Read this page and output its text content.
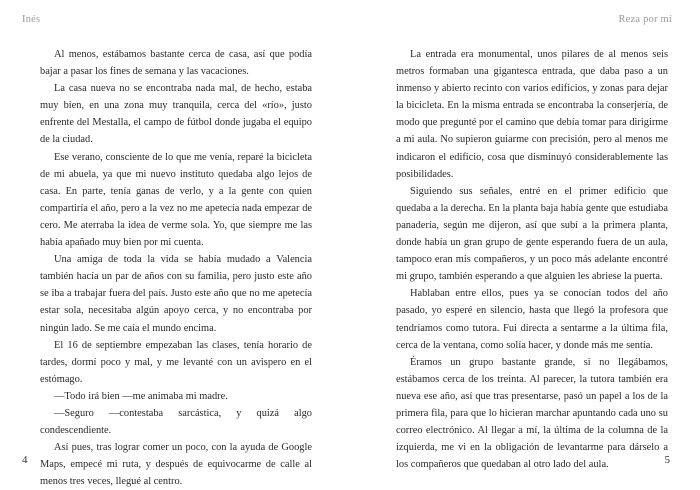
Inés

Al menos, estábamos bastante cerca de casa, así que podía bajar a pasar los fines de semana y las vacaciones.

La casa nueva no se encontraba nada mal, de hecho, estaba muy bien, en una zona muy tranquila, cerca del «río», justo enfrente del Mestalla, el campo de fútbol donde jugaba el equipo de la ciudad.

Ese verano, consciente de lo que me venía, reparé la bicicleta de mi abuela, ya que mi nuevo instituto quedaba algo lejos de casa. En parte, tenía ganas de verlo, y a la gente con quien compartiría el año, pero a la vez no me apetecía nada empezar de cero. Me aterraba la idea de verme sola. Yo, que siempre me las había apañado muy bien por mi cuenta.

Una amiga de toda la vida se había mudado a Valencia también hacía un par de años con su familia, pero justo este año se iba a trabajar fuera del país. Justo este año que no me apetecía estar sola, necesitaba algún apoyo cerca, y no encontraba por ningún lado. Se me caía el mundo encima.

El 16 de septiembre empezaban las clases, tenía horario de tardes, dormí poco y mal, y me levanté con un avispero en el estómago.

—Todo irá bien —me animaba mi madre.

—Seguro —contestaba sarcástica, y quizá algo condescendiente.

Así pues, tras lograr comer un poco, con la ayuda de Google Maps, empecé mi ruta, y después de equivocarme de calle al menos tres veces, llegué al centro.

4
Reza por mí

La entrada era monumental, unos pilares de al menos seis metros formaban una gigantesca entrada, que daba paso a un inmenso y abierto recinto con varios edificios, y zonas para dejar la bicicleta. En la misma entrada se encontraba la conserjería, de modo que pregunté por el camino que debía tomar para dirigirme a mi aula. No supieron guiarme con precisión, pero al menos me indicaron el edificio, cosa que disminuyó considerablemente las posibilidades.

Siguiendo sus señales, entré en el primer edificio que quedaba a la derecha. En la planta baja había gente que estudiaba panadería, según me dijeron, así que subí a la primera planta, donde había un gran grupo de gente esperando fuera de un aula, tampoco eran mis compañeros, y un poco más adelante encontré mi grupo, también esperando a que alguien les abriese la puerta.

Hablaban entre ellos, pues ya se conocían todos del año pasado, yo esperé en silencio, hasta que llegó la profesora que tendríamos como tutora. Fui directa a sentarme a la última fila, cerca de la ventana, como solía hacer, y donde más me sentía.

Éramos un grupo bastante grande, si no llegábamos, estábamos cerca de los treinta. Al parecer, la tutora también era nueva ese año, así que tras presentarse, pasó un papel a los de la primera fila, para que lo hicieran marchar apuntando cada uno su correo electrónico. Al llegar a mí, la última de la columna de la izquierda, me vi en la obligación de levantarme para dárselo a los compañeros que quedaban al otro lado del aula.	5
